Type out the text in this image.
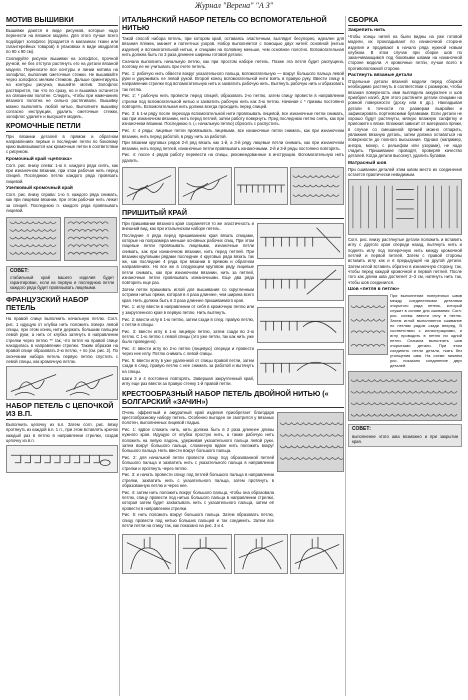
Журнал "Верена" "А З"
МОТИВ ВЫШИВКИ

Вышивки даются в виде рисунков, которые надо перенести на вязаное модели. Для этого лучше всего подойдет золофлос (продается в магазинах ткани или галантерейных товаров) в упаковках в виде квадратов по 90 х 90 см).

Скопируйте рисунок вышивки на золофлос, прочной ручкой, не без отступа растянуть его на детали вязаной модели. Переносите все контуры и линии мотива на золофлос, выполнив сметочные стежки. Не вышивайте через золофлос мелким стежком. Дальше ориентируясь на контуры рисунка, вышейте мотив. Золофлос растворится, так что по сразу, но и вышивка останется на связанном полотне. Следить, чтобы при намечаниях вязаного полотна не сильно растягивали. Вышивку можно выполнять любой нитью. Выполните вышивку согласно инструкции, удалить сметочные стежки, золофлос удалите и высушите модель.

КРОМОЧНЫЕ ПЕТЛИ

При вязании деталей в прямом и обратном направлениях первые и последние петли по боковому краю вывязываются как кромочные петли в соответствии с рисунком.

Кромочный край «цепочка»

Согл. рис. внизу слева: 1-ю п. каждого ряда снять, как при изнаночном вязании, при этом рабочая нить перед спицей. Последнюю петлю каждого ряда провязать лицевой.

Узелковый кромочный край

Согл. рис. внизу справа: 1-ю п. каждого ряда снимать, как при лицевом вязании, при этом рабочая нить лежит за спицей. Последнюю п. каждого ряда провязывать лицевой.

СОВЕТ:
стабильный край вашего изделия будет гарантирован, если на первую и последнюю петли каждого ряда будет провязывать лицевыми.
ФРАНЦУЗСКИЙ НАБОР ПЕТЕЛЬ

На правой спице выполнить начальную петлю. Согл. рис. 1 идущую от клубка нить положить поверх левой спицы, при этом конец нити держать большим пальцем левой руки, а нить от клубка затянуть в направлении стрелки через петлю ** так, что петля на правой спице находилась в направлении стрелки. Таким образом на правой спице образовать 2-ю петлю, + по (см. рис. 2). По окончании набора петель первую петлю спустить с левой спицы, как кромочную петлю.

НАБОР ПЕТЕЛЬ С ЦЕПОЧКОЙ ИЗ В.П.

Выполнить цепочку из в.п. Затем согл. рис. вязку протянуть из каждой в.п. 1 п., при этом вставлять крючок каждый раз в петлю в направлении стрелки, создав цепочку из в.п.

ИТАЛЬЯНСКИЙ НАБОР ПЕТЕЛЬ СО ВСПОМОГАТЕЛЬНОЙ НИТЬЮ

Такой способ набора петель, при котором край, оставаясь эластичным, выглядит бесупорно, идеален для вязания пляжек, манжет и патентных узоров. Набор выполняется с помощью двух нитей: основной (нитью изделия) и вспомогательной нитью, и спицами на половину меньше, чем основное полотно. Вспомогательная нить должна быть по 3 раза длиннее ширины готовой детали.

Сначала выполнить начальную петлю, как при простом наборе петель. Позже эта петля будет распущена, поэтому ее не учитывать при счете петель.

Рис. 1: рабочую нить обвести вокруг указательного пальца, вспомогательную — вокруг большого пальца левой руки и удерживать ее левой рукой. Второй конец вспомогательной нити взять в правую руку. Ввести спицу в направлении стрелки под вспомогательную нить и захватить рабочую нить. Вытянуть рабочую нить и образовать так петлю.

Рис. 2: * рабочую нить провести перед спицей, образовать 2-ю петлю, затем спицу провести в направлении стрелки под вспомогательной нитью и захватить рабочую нить как 3-ю петлю. Начиная с * призмы постоянно повторять. Вспомогательная нить должна всегда проходить перед спицей.

Рис. 3: в 1-м ряду после перехода вспомогательной нити провязывать лицевой, все изнаночные петли снимать, как при изнаночном вязании, нить перед петлей, затем работу повернуть. Пред последнюю петлю снять, как при изнаночном вязании. Последнюю п. (= начальную петлю) сбросить с распустить.

Рис. 4: 4 ряды: лицевые петли провязывать лицевыми, все изнаночные петли снимать, как при изнаночном вязании, нить перед работой, в ряду нить за работой.

При вязании круговых рядов 2-й ряд вязать как 1-й, а 3-й ряду лицевые петли снимать, как при изнаночном вязании, нить перед петлей, изнаночные петли провязывать изнаночными. 2-й и 3-й ряды постоянно повторять.

Рис. 4: после 4 рядов работу перевести на спицы, рекомендованные в инструкции. Вспомогательную нить удалить.

ПРИШИТЫЙ КРАЙ

При пришивании вязаного края сохраняется то же эластичность и внешний вид, как при итальянском наборе петель.

Последние 4 ряда перед пришиванием края вязать спицами, которые на полразмера меньше основных рабочих спиц. При этом лицевые петли провязывать лицевыми, изнаночные петли снимать, как при изнаночном вязании, нить перед петлей. При вязании круговыми рядами последние 4 круговых ряда вязать так же, как последние 4 ряда при вязании в прямом и обратном направлениях. Но все же в следующем круговом ряду лицевые петли снимать, как при изнаночном вязании, нить за петлей, изнаночные петли провязывать изнаночными. Еще два ряда повторить еще раз.

Затем петли пришивать иглой для вышивания со скругленным острием нитью пряжи, которая в 4 раза длиннее, чем ширина всего края. Нить должна быть в 3 раза длиннее пришиваемого края.

Рис. 1: иглу ввести в направлении от себя в кромочную петлю или у закругленного края в первую петлю. Нить вытянуть.

Рис. 2: ввести иглу в 1-ю петлю, затем сзади в след. правую петлю, с петли в спицы.

Рис. 3: ввести иглу в 1-ю лицевую петлю, затем сзади во 2-ю петлю. С 1-ю петлю с левой спицы (это уже петли, так как нить уже было проведено).

Рис. 4: ввести иглу во 2-ю петлю (лицевую) спереди и провести через нее иглу. Петлю снимать с левой спицы.

Рис. 5: ввести иглу в уже удаленной от спицы правой петли, затем сзади в след. правую петлю с нее снимать за работой и вытянуть на спицы.

Шаги 3 и 4 постоянно повторять. Завершая закругленный край, иглу еще раз ввести за правую стенку 1-й правой петли.

КРЕСТООБРАЗНЫЙ НАБОР ПЕТЕЛЬ ДВОЙНОЙ НИТЬЮ (« БОЛГАРСКИЙ «ЗАЧИН»)

Очень эффектный и аккуратный край изделия приобретает благодаря крестообразному набору петель. Особенно выгоден он смотрится у вязаных полотен, выполненных лицевой гладью.

Рис. 1: вдвое сложить нить, нить должна быть в 2 раза длиннее длины нужного края. Идущую от клубка простую нить, а также рабочую нить положить на левую ладонь, удерживая указательного пальца левой руки, затем вокруг большого пальца, сложенную вдвое нить положить вокруг большого пальца. Нить ввести вокруг большого пальца.

Рис. 2: для начальной петли провести спицу под образованной петлей большого пальца и захватить нить с указательного пальца в направлении стрелки и протянуть через петлю.

Рис. 3: и начать провести спицу под петлей большого пальца в направлении стрелки, захватить нить с указательного пальца, затем протянуть в образованную петлю и через нее.

Рис. 4: затем нить положить вокруг большого пальца, чтобы она образовала петлю, спицу провести под нитью большого пальца в направлении стрелки, которая затем будет захватывать нить с указательного пальца, затем её провести в направлении стрелки.

Рис. 5: нить положить вокруг большого пальца. Затем образовать петлю, спицу провести под нитью больших пальцев и так соединить. Затем все петли петли на спицу так, как показано на рис. 3 и 4.

СБОРКА
Закрепить нить

Чтобы концы нитей на были видны на уже готовой модели, их прокладывают по изнаночной стороне изделия и продевают в начало ряда нужной новым клубком. В этом случае при сборке шов по заканчивающимся под боковыми швами на изнаночной стороне модели. А кромочные петли, лучше всего в противоположной стороне.

Растянуть вязаные детали

Отдельные детали вязаной модели перед сборкой необходимо растянуть в соответствии с размером, чтобы вязаная поверхность ими выглядела аккуратнее и шов приобрел изгиб. Для этого растяните детали спицами на ровной поверхности (доску или в др.). Накладывая детали в точности по размерам выкройки и зафиксировать портновскими булавками. Если детали не хорошо будут растянуты, мягкую влажную салфетку и приложите к вязке. Влажная зависит от материала пряжи, в случае со смешанной пряжей можно отпарить, увлажнив вязаную деталь, затем должна оставаться на поверхности до полного высыхания. Однако (например, ангора, мохер, с рельефом или узорами), не надо гладить. Пришивание проводят, проверяя качество деталей. Когда детали высохнут, удалить булавки.

Матрасный шов

При сшивании деталей этим швом место их соединения остается практически невидимым.

Согл. рис. внизу растянутые детали положить и вставить иглу с другого края спереди назад, вытянуть нить и поднять иглу под поперечную нить между кромочной петлей и первой петлей. Затем с правой стороны вставить иглу как и в предыдущей на другой детали. Затем иглой вставить обратно в изнаночную сторону, так, чтобы перед каждой кромочной и первой петлей. После того как длина шва достигнет 2–3 см, натянуть нить так, чтобы шов соединился.

Шов «петля в петлю»

При выполнении поперечных швов между соединенными деталями открытого ряда петель, который служит в основе для сшивания. Согл. рис. слева: ввести иглу в петлю. Затем иглой выполняется сшивание по петлям рядом сзади вперед. В соответствии с иллюстрациями, и иглу проводить в петлю ни одной петли. Сначала выполнить шов открытыми детали. При этом соединить петли детали, ткать без утолщения шва. На схеме нижнем рис. показано соединение двух деталей.

СОВЕТ:
выполнение этого шва возможно и при закрытии края.
